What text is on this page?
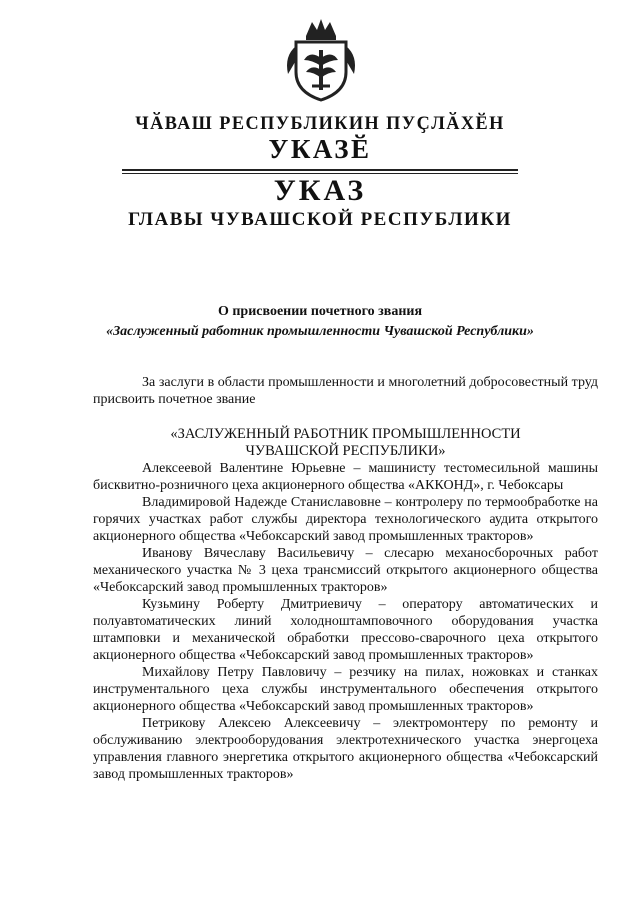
ЧӐВАШ РЕСПУБЛИКИН ПУҪЛӐХӖН
УКАЗӖ
УКАЗ
ГЛАВЫ ЧУВАШСКОЙ РЕСПУБЛИКИ
О присвоении почетного звания
«Заслуженный работник промышленности Чувашской Республики»

За заслуги в области промышленности и многолетний добросовестный труд присвоить почетное звание

«ЗАСЛУЖЕННЫЙ РАБОТНИК ПРОМЫШЛЕННОСТИ

ЧУВАШСКОЙ РЕСПУБЛИКИ»

Алексеевой Валентине Юрьевне – машинисту тестомесильной машины бисквитно-розничного цеха акционерного общества «АККОНД», г. Чебоксары

Владимировой Надежде Станиславовне – контролеру по термообработке на горячих участках работ службы директора технологического аудита открытого акционерного общества «Чебоксарский завод промышленных тракторов»

Иванову Вячеславу Васильевичу – слесарю механосборочных работ механического участка № 3 цеха трансмиссий открытого акционерного общества «Чебоксарский завод промышленных тракторов»

Кузьмину Роберту Дмитриевичу – оператору автоматических и полуавтоматических линий холодноштамповочного оборудования участка штамповки и механической обработки прессово-сварочного цеха открытого акционерного общества «Чебоксарский завод промышленных тракторов»

Михайлову Петру Павловичу – резчику на пилах, ножовках и станках инструментального цеха службы инструментального обеспечения открытого акционерного общества «Чебоксарский завод промышленных тракторов»

Петрикову Алексею Алексеевичу – электромонтеру по ремонту и обслуживанию электрооборудования электротехнического участка энергоцеха управления главного энергетика открытого акционерного общества «Чебоксарский завод промышленных тракторов»
